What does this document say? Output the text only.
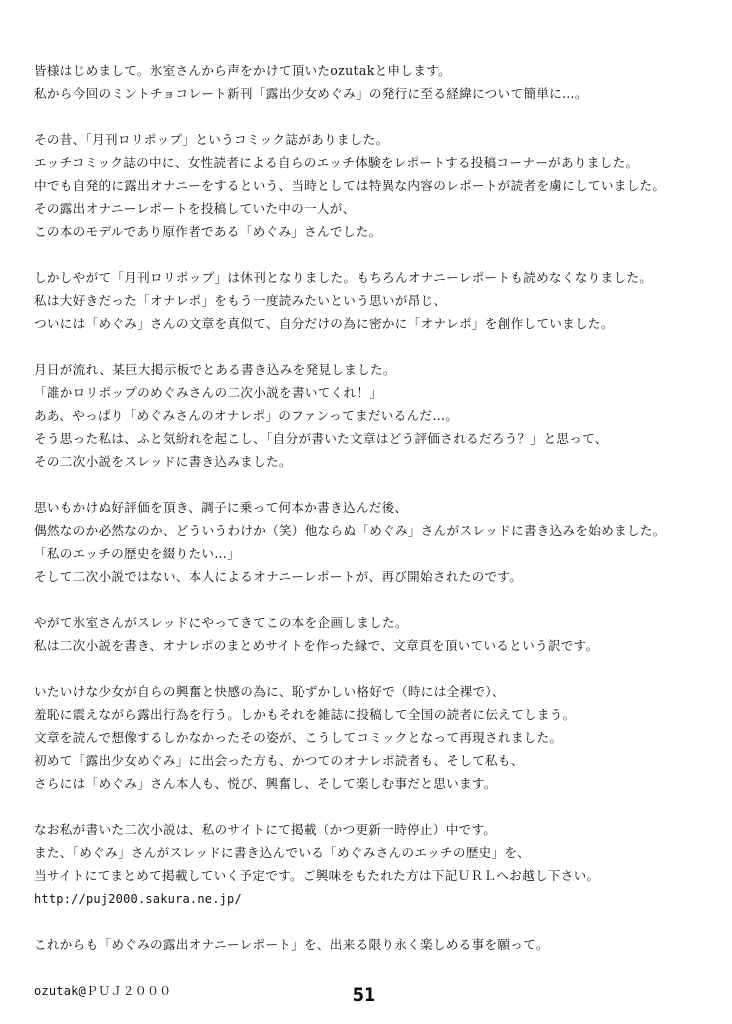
皆様はじめまして。氷室さんから声をかけて頂いたozutakと申します。
私から今回のミントチョコレート新刊「露出少女めぐみ」の発行に至る経緯について簡単に…。
その昔、「月刊ロリポップ」というコミック誌がありました。
エッチコミック誌の中に、女性読者による自らのエッチ体験をレポートする投稿コーナーがありました。
中でも自発的に露出オナニーをするという、当時としては特異な内容のレポートが読者を虜にしていました。
その露出オナニーレポートを投稿していた中の一人が、
この本のモデルであり原作者である「めぐみ」さんでした。
しかしやがて「月刊ロリポップ」は休刊となりました。もちろんオナニーレポートも読めなくなりました。
私は大好きだった「オナレポ」をもう一度読みたいという思いが昂じ、
ついには「めぐみ」さんの文章を真似て、自分だけの為に密かに「オナレポ」を創作していました。
月日が流れ、某巨大掲示板でとある書き込みを発見しました。
「誰かロリポップのめぐみさんの二次小説を書いてくれ！」
ああ、やっぱり「めぐみさんのオナレポ」のファンってまだいるんだ…。
そう思った私は、ふと気紛れを起こし、「自分が書いた文章はどう評価されるだろう？」と思って、
その二次小説をスレッドに書き込みました。
思いもかけぬ好評価を頂き、調子に乗って何本か書き込んだ後、
偶然なのか必然なのか、どういうわけか（笑）他ならぬ「めぐみ」さんがスレッドに書き込みを始めました。
「私のエッチの歴史を綴りたい…」
そして二次小説ではない、本人によるオナニーレポートが、再び開始されたのです。
やがて氷室さんがスレッドにやってきてこの本を企画しました。
私は二次小説を書き、オナレポのまとめサイトを作った縁で、文章頁を頂いているという訳です。
いたいけな少女が自らの興奮と快感の為に、恥ずかしい格好で（時には全裸で）、
羞恥に震えながら露出行為を行う。しかもそれを雑誌に投稿して全国の読者に伝えてしまう。
文章を読んで想像するしかなかったその姿が、こうしてコミックとなって再現されました。
初めて「露出少女めぐみ」に出会った方も、かつてのオナレポ読者も、そして私も、
さらには「めぐみ」さん本人も、悦び、興奮し、そして楽しむ事だと思います。
なお私が書いた二次小説は、私のサイトにて掲載（かつ更新一時停止）中です。
また、「めぐみ」さんがスレッドに書き込んでいる「めぐみさんのエッチの歴史」を、
当サイトにてまとめて掲載していく予定です。ご興味をもたれた方は下記ＵＲＬへお越し下さい。
http://puj2000.sakura.ne.jp/
これからも「めぐみの露出オナニーレポート」を、出来る限り永く楽しめる事を願って。
ozutak@ＰＵＪ２０００	51
